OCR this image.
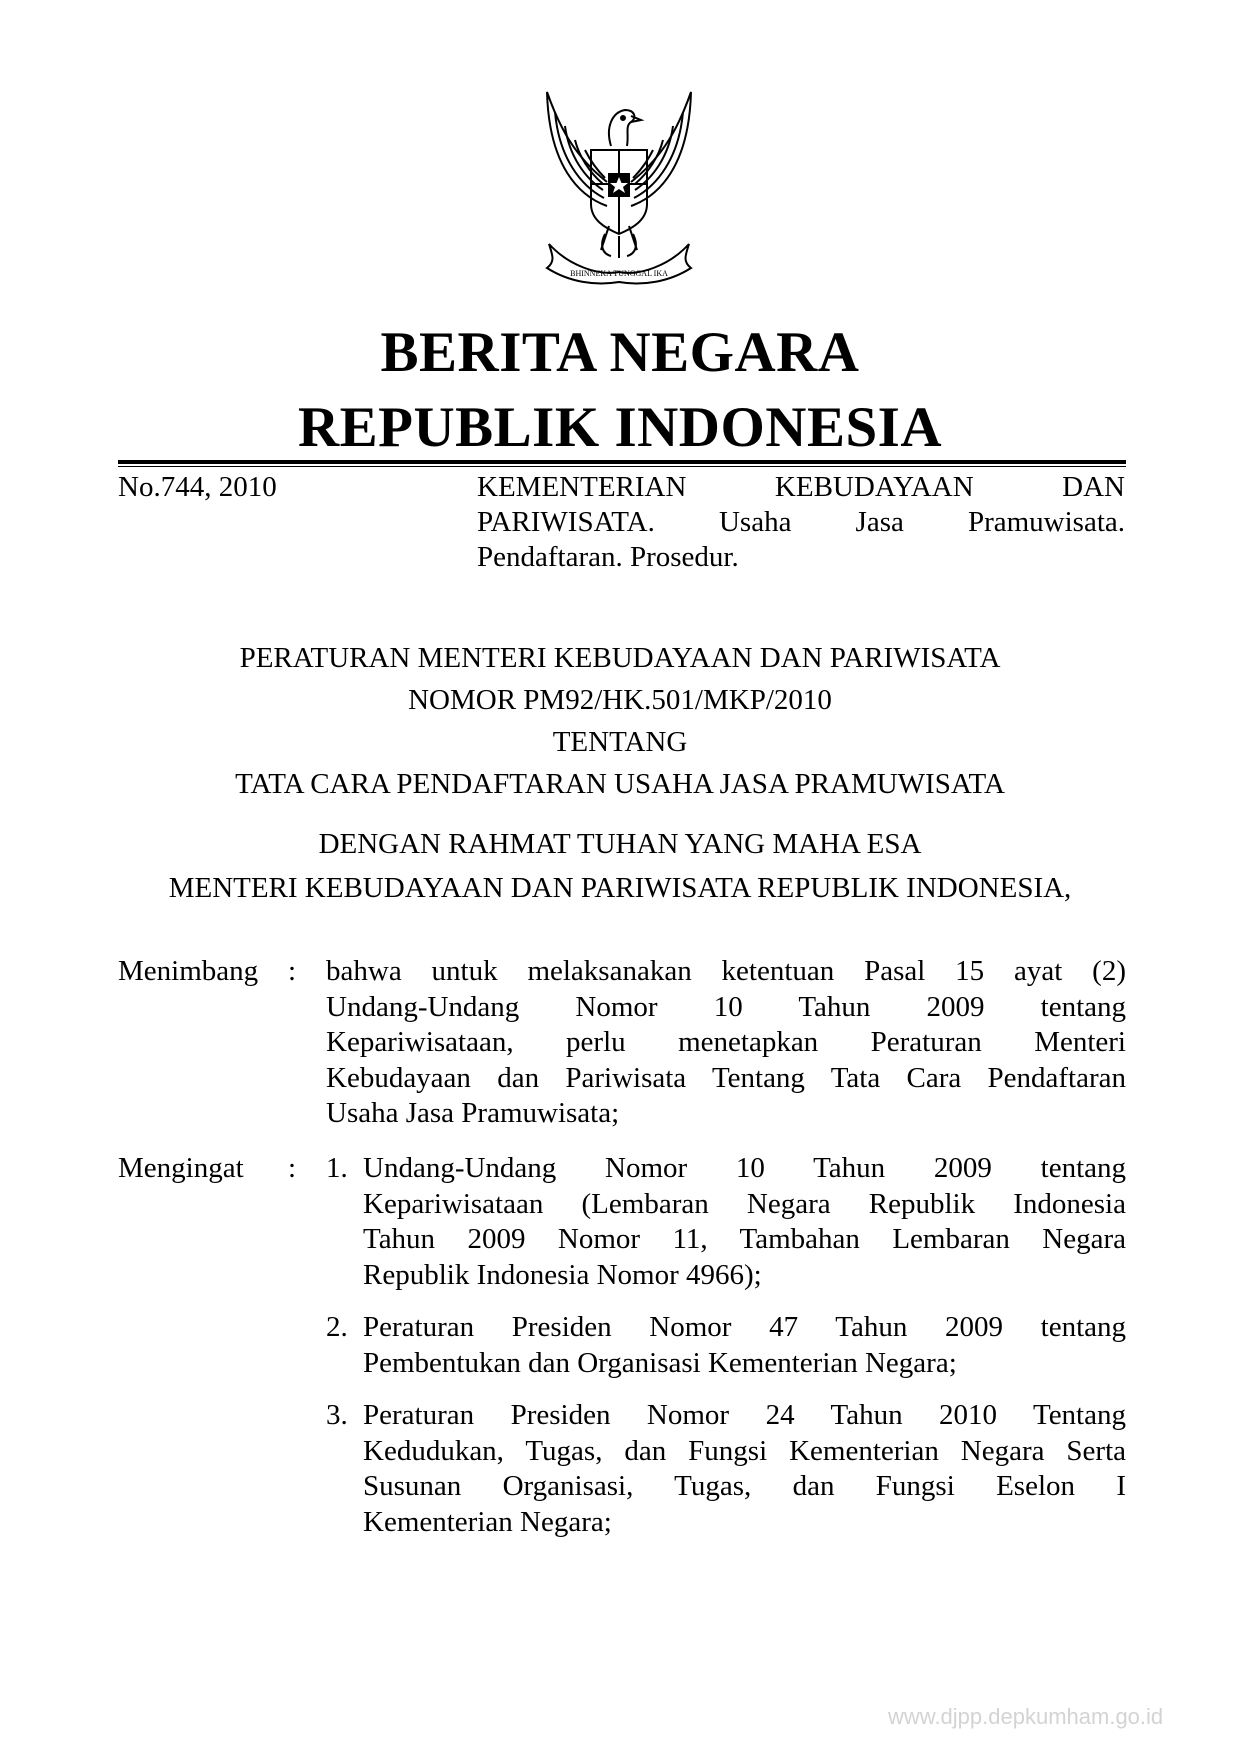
BHINNEKA TUNGGAL IKA
BERITA NEGARA
REPUBLIK INDONESIA
No.744, 2010	KEMENTERIAN KEBUDAYAAN DAN
PARIWISATA. Usaha Jasa Pramuwisata.
Pendaftaran. Prosedur.
PERATURAN MENTERI KEBUDAYAAN DAN PARIWISATA
NOMOR PM92/HK.501/MKP/2010
TENTANG
TATA CARA PENDAFTARAN USAHA JASA PRAMUWISATA
DENGAN RAHMAT TUHAN YANG MAHA ESA
MENTERI KEBUDAYAAN DAN PARIWISATA REPUBLIK INDONESIA,
Menimbang : bahwa untuk melaksanakan ketentuan Pasal 15 ayat (2)
Undang-Undang Nomor 10 Tahun 2009 tentang
Kepariwisataan, perlu menetapkan Peraturan Menteri
Kebudayaan dan Pariwisata Tentang Tata Cara Pendaftaran
Usaha Jasa Pramuwisata;
Mengingat : 1. Undang-Undang Nomor 10 Tahun 2009 tentang
Kepariwisataan (Lembaran Negara Republik Indonesia
Tahun 2009 Nomor 11, Tambahan Lembaran Negara
Republik Indonesia Nomor 4966);
2. Peraturan Presiden Nomor 47 Tahun 2009 tentang
Pembentukan dan Organisasi Kementerian Negara;
3. Peraturan Presiden Nomor 24 Tahun 2010 Tentang
Kedudukan, Tugas, dan Fungsi Kementerian Negara Serta
Susunan Organisasi, Tugas, dan Fungsi Eselon I
Kementerian Negara;
www.djpp.depkumham.go.id
